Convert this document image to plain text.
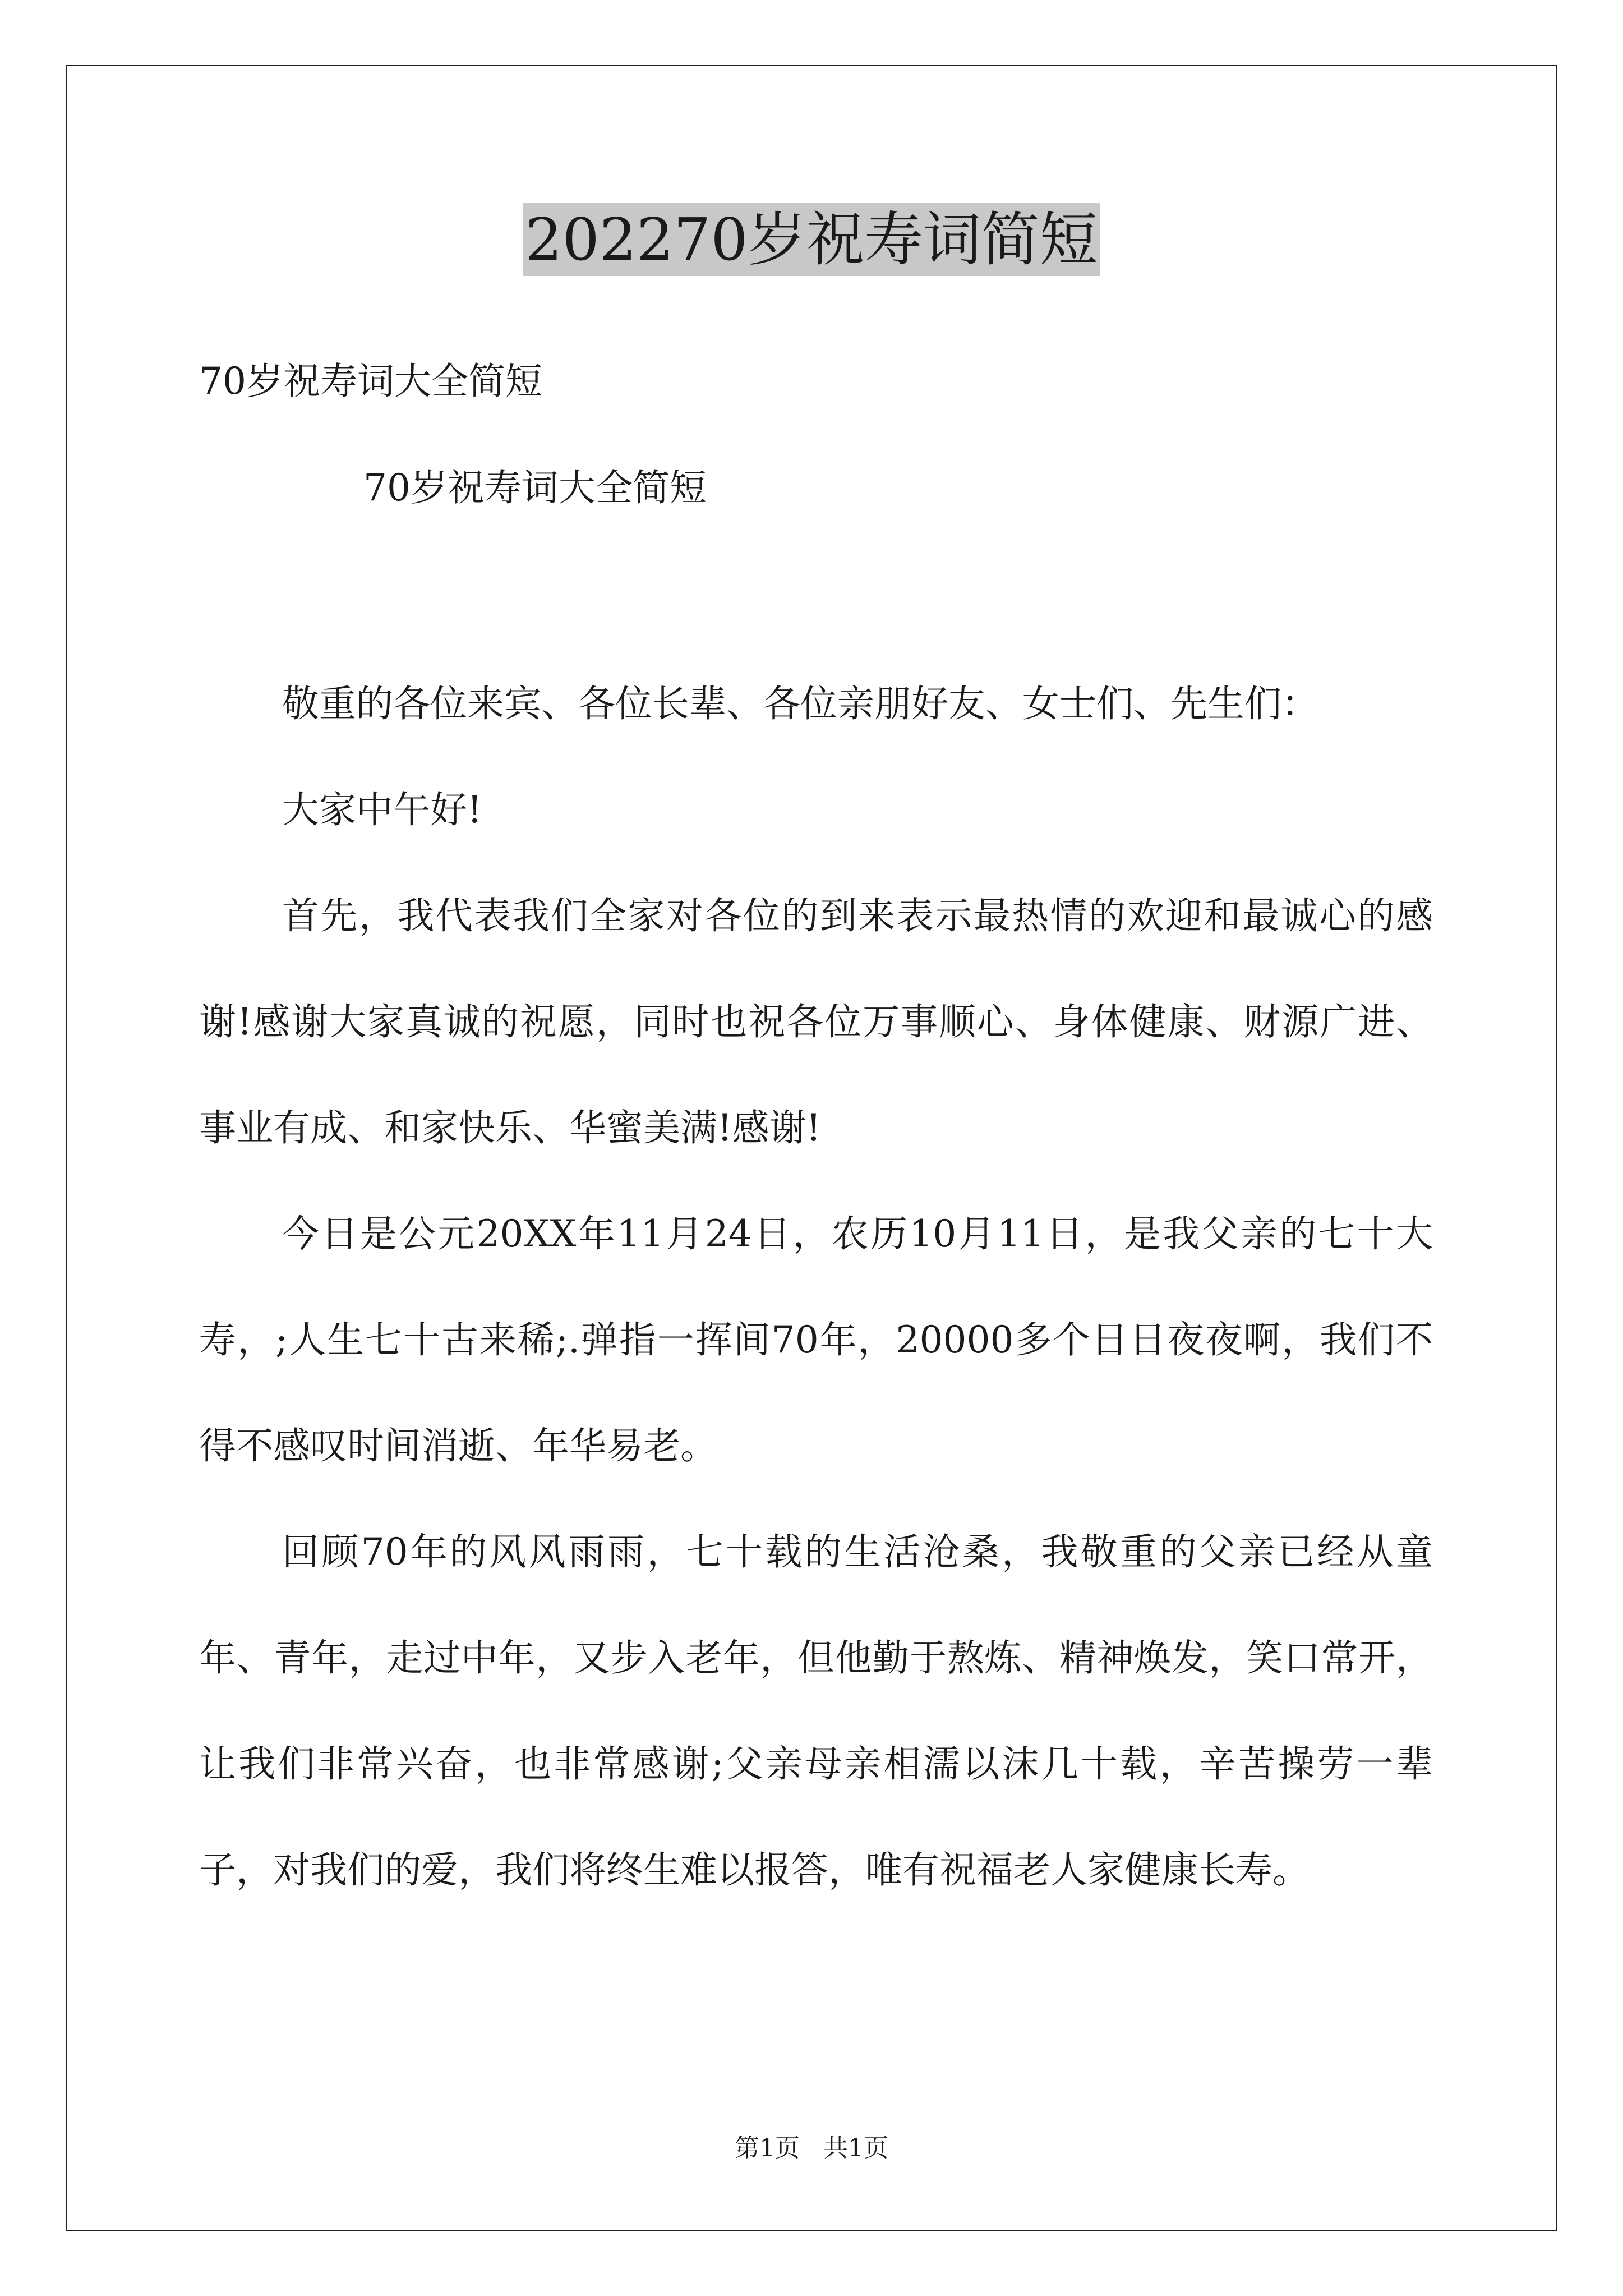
202270岁祝寿词简短

70岁祝寿词大全简短

70岁祝寿词大全简短

敬重的各位来宾、各位长辈、各位亲朋好友、女士们、先生们：

大家中午好!

首先，我代表我们全家对各位的到来表示最热情的欢迎和最诚心的感谢!感谢大家真诚的祝愿，同时也祝各位万事顺心、身体健康、财源广进、事业有成、和家快乐、华蜜美满!感谢!

今日是公元20XX年11月24日，农历10月11日，是我父亲的七十大寿，;人生七十古来稀;.弹指一挥间70年，20000多个日日夜夜啊，我们不得不感叹时间消逝、年华易老。

回顾70年的风风雨雨，七十载的生活沧桑，我敬重的父亲已经从童年、青年，走过中年，又步入老年，但他勤于熬炼、精神焕发，笑口常开，让我们非常兴奋，也非常感谢;父亲母亲相濡以沫几十载，辛苦操劳一辈子，对我们的爱，我们将终生难以报答，唯有祝福老人家健康长寿。

第1页 共1页
